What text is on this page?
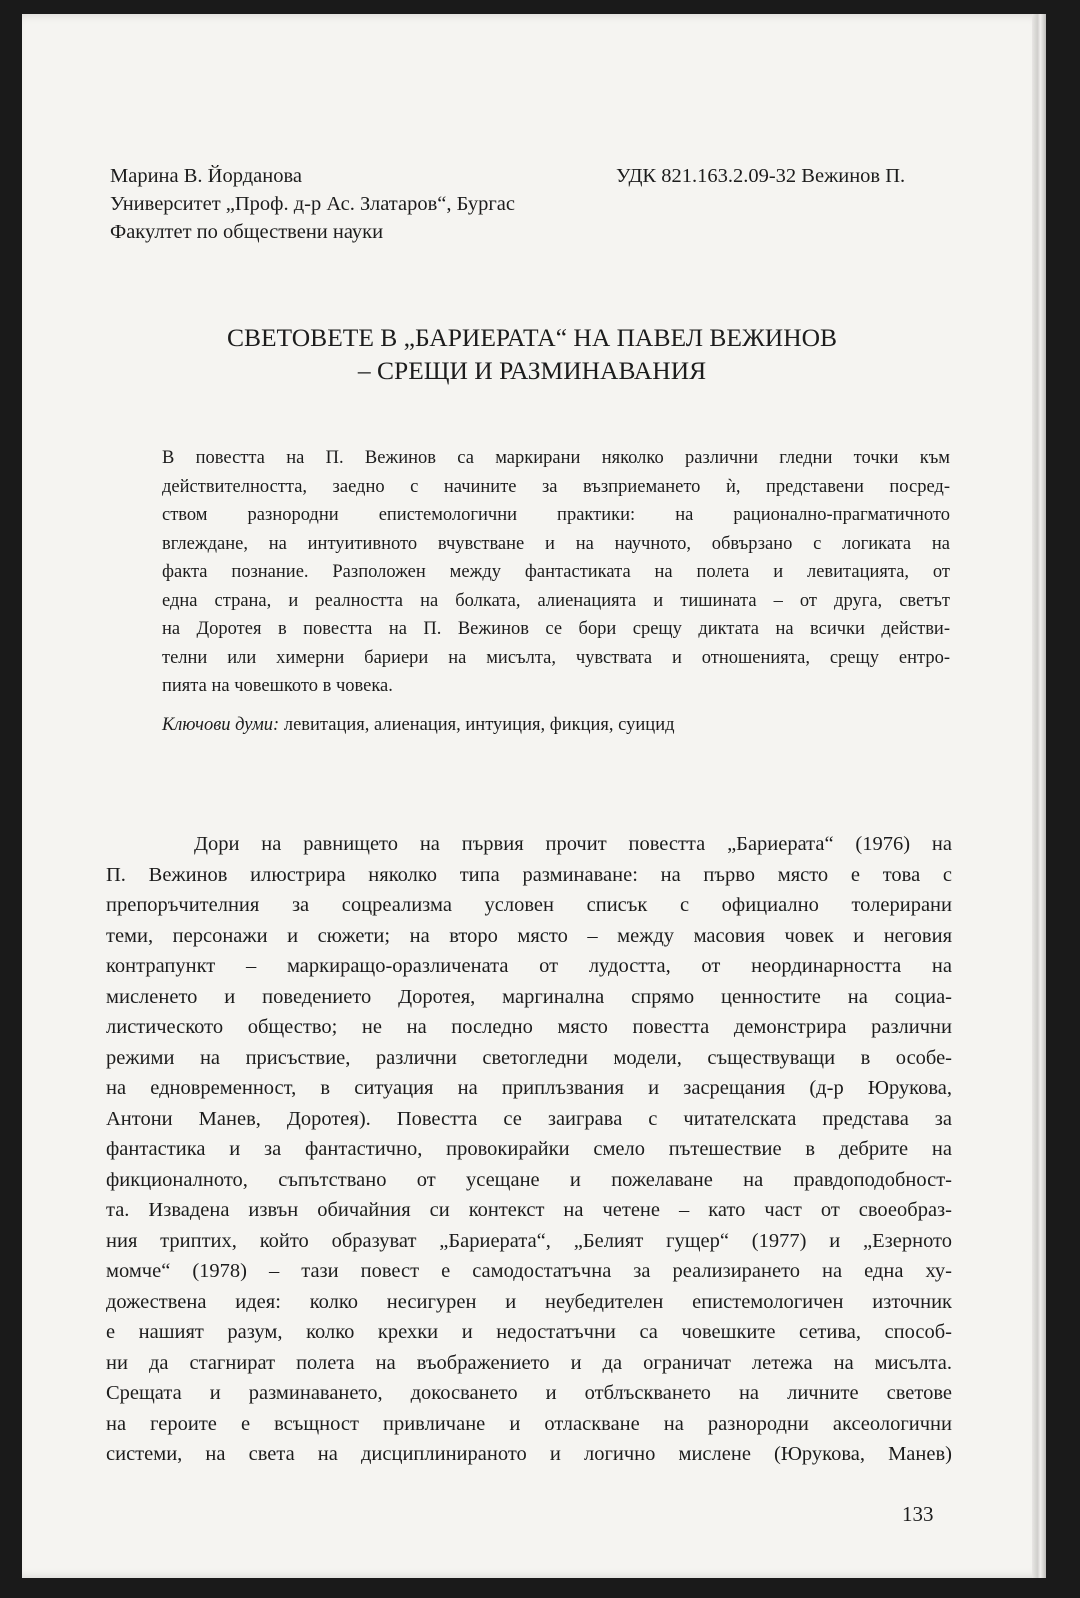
Марина В. Йорданова
Университет „Проф. д-р Ас. Златаров“, Бургас
Факултет по обществени науки
УДК 821.163.2.09-32 Вежинов П.
СВЕТОВЕТЕ В „БАРИЕРАТА“ НА ПАВЕЛ ВЕЖИНОВ
– СРЕЩИ И РАЗМИНАВАНИЯ
В повестта на П. Вежинов са маркирани няколко различни гледни точки към
действителността, заедно с начините за възприемането ѝ, представени посред-
ством разнородни епистемологични практики: на рационално-прагматичното
вглеждане, на интуитивното вчувстване и на научното, обвързано с логиката на
факта познание. Разположен между фантастиката на полета и левитацията, от
една страна, и реалността на болката, алиенацията и тишината – от друга, светът
на Доротея в повестта на П. Вежинов се бори срещу диктата на всички действи-
телни или химерни бариери на мисълта, чувствата и отношенията, срещу ентро-
пията на човешкото в човека.
Ключови думи: левитация, алиенация, интуиция, фикция, суицид
Дори на равнището на първия прочит повестта „Бариерата“ (1976) на
П. Вежинов илюстрира няколко типа разминаване: на първо място е това с
препоръчителния за соцреализма условен списък с официално толерирани
теми, персонажи и сюжети; на второ място – между масовия човек и неговия
контрапункт – маркиращо-оразличената от лудостта, от неординарността на
мисленето и поведението Доротея, маргинална спрямо ценностите на социа-
листическото общество; не на последно място повестта демонстрира различни
режими на присъствие, различни светогледни модели, съществуващи в особе-
на едновременност, в ситуация на приплъзвания и засрещания (д-р Юрукова,
Антони Манев, Доротея). Повестта се заиграва с читателската представа за
фантастика и за фантастично, провокирайки смело пътешествие в дебрите на
фикционалното, съпътствано от усещане и пожелаване на правдоподобност-
та. Извадена извън обичайния си контекст на четене – като част от своеобраз-
ния триптих, който образуват „Бариерата“, „Белият гущер“ (1977) и „Езерното
момче“ (1978) – тази повест е самодостатъчна за реализирането на една ху-
дожествена идея: колко несигурен и неубедителен епистемологичен източник
е нашият разум, колко крехки и недостатъчни са човешките сетива, способ-
ни да стагнират полета на въображението и да ограничат летежа на мисълта.
Срещата и разминаването, докосването и отблъскването на личните светове
на героите е всъщност привличане и отласкване на разнородни аксеологични
системи, на света на дисциплинираното и логично мислене (Юрукова, Манев)
133
